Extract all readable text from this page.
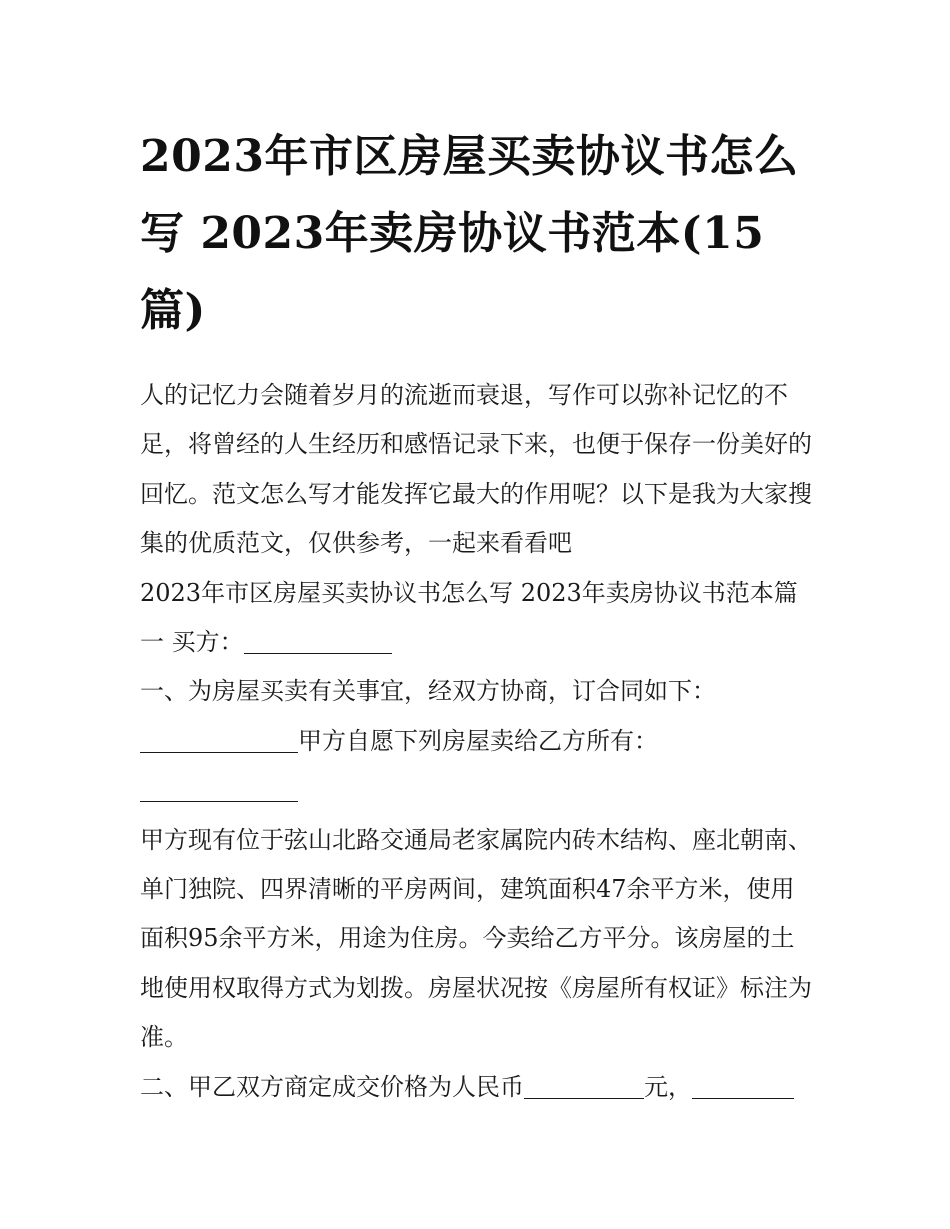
2023年市区房屋买卖协议书怎么写 2023年卖房协议书范本(15篇)

人的记忆力会随着岁月的流逝而衰退，写作可以弥补记忆的不足，将曾经的人生经历和感悟记录下来，也便于保存一份美好的回忆。范文怎么写才能发挥它最大的作用呢？以下是我为大家搜集的优质范文，仅供参考，一起来看看吧

2023年市区房屋买卖协议书怎么写 2023年卖房协议书范本篇一 买方：

一、为房屋买卖有关事宜，经双方协商，订合同如下：

甲方自愿下列房屋卖给乙方所有：

甲方现有位于弦山北路交通局老家属院内砖木结构、座北朝南、单门独院、四界清晰的平房两间，建筑面积47余平方米，使用面积95余平方米，用途为住房。今卖给乙方平分。该房屋的土地使用权取得方式为划拨。房屋状况按《房屋所有权证》标注为准。

二、甲乙双方商定成交价格为人民币	元，
